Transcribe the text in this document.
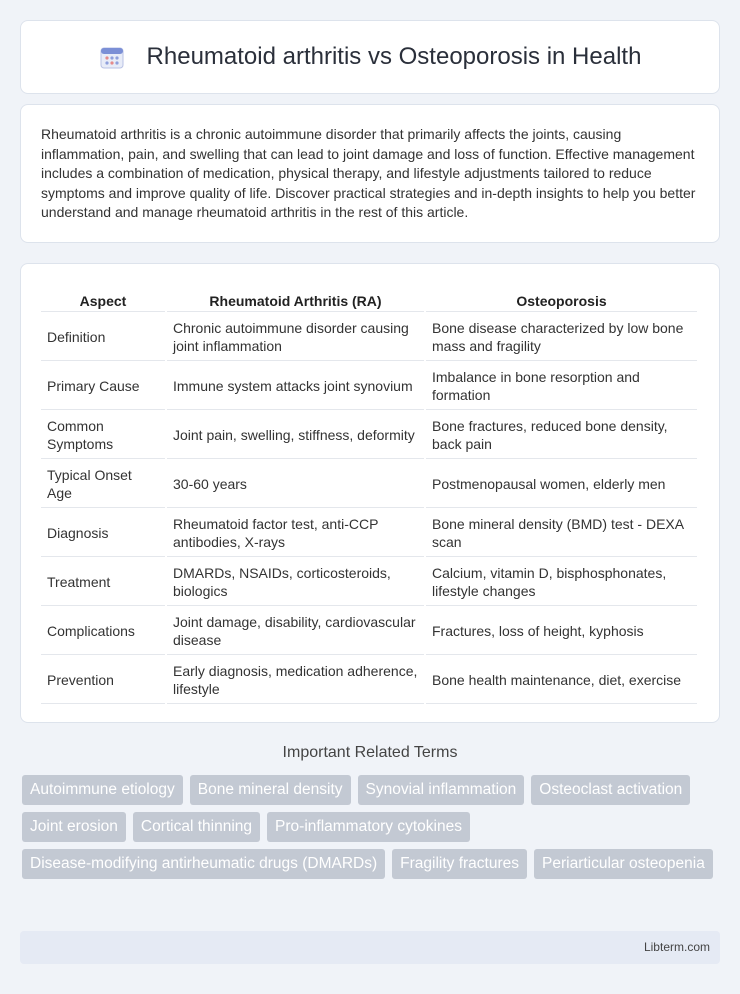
Rheumatoid arthritis vs Osteoporosis in Health

Rheumatoid arthritis is a chronic autoimmune disorder that primarily affects the joints, causing inflammation, pain, and swelling that can lead to joint damage and loss of function. Effective management includes a combination of medication, physical therapy, and lifestyle adjustments tailored to reduce symptoms and improve quality of life. Discover practical strategies and in-depth insights to help you better understand and manage rheumatoid arthritis in the rest of this article.

Aspect	Rheumatoid Arthritis (RA)	Osteoporosis
Definition	Chronic autoimmune disorder causing joint inflammation	Bone disease characterized by low bone mass and fragility
Primary Cause	Immune system attacks joint synovium	Imbalance in bone resorption and formation
Common Symptoms	Joint pain, swelling, stiffness, deformity	Bone fractures, reduced bone density, back pain
Typical Onset Age	30-60 years	Postmenopausal women, elderly men
Diagnosis	Rheumatoid factor test, anti-CCP antibodies, X-rays	Bone mineral density (BMD) test - DEXA scan
Treatment	DMARDs, NSAIDs, corticosteroids, biologics	Calcium, vitamin D, bisphosphonates, lifestyle changes
Complications	Joint damage, disability, cardiovascular disease	Fractures, loss of height, kyphosis
Prevention	Early diagnosis, medication adherence, lifestyle	Bone health maintenance, diet, exercise
Important Related Terms
Autoimmune etiology	Bone mineral density	Synovial inflammation	Osteoclast activation
Joint erosion	Cortical thinning	Pro-inflammatory cytokines
Disease-modifying antirheumatic drugs (DMARDs)	Fragility fractures	Periarticular osteopenia
Libterm.com
